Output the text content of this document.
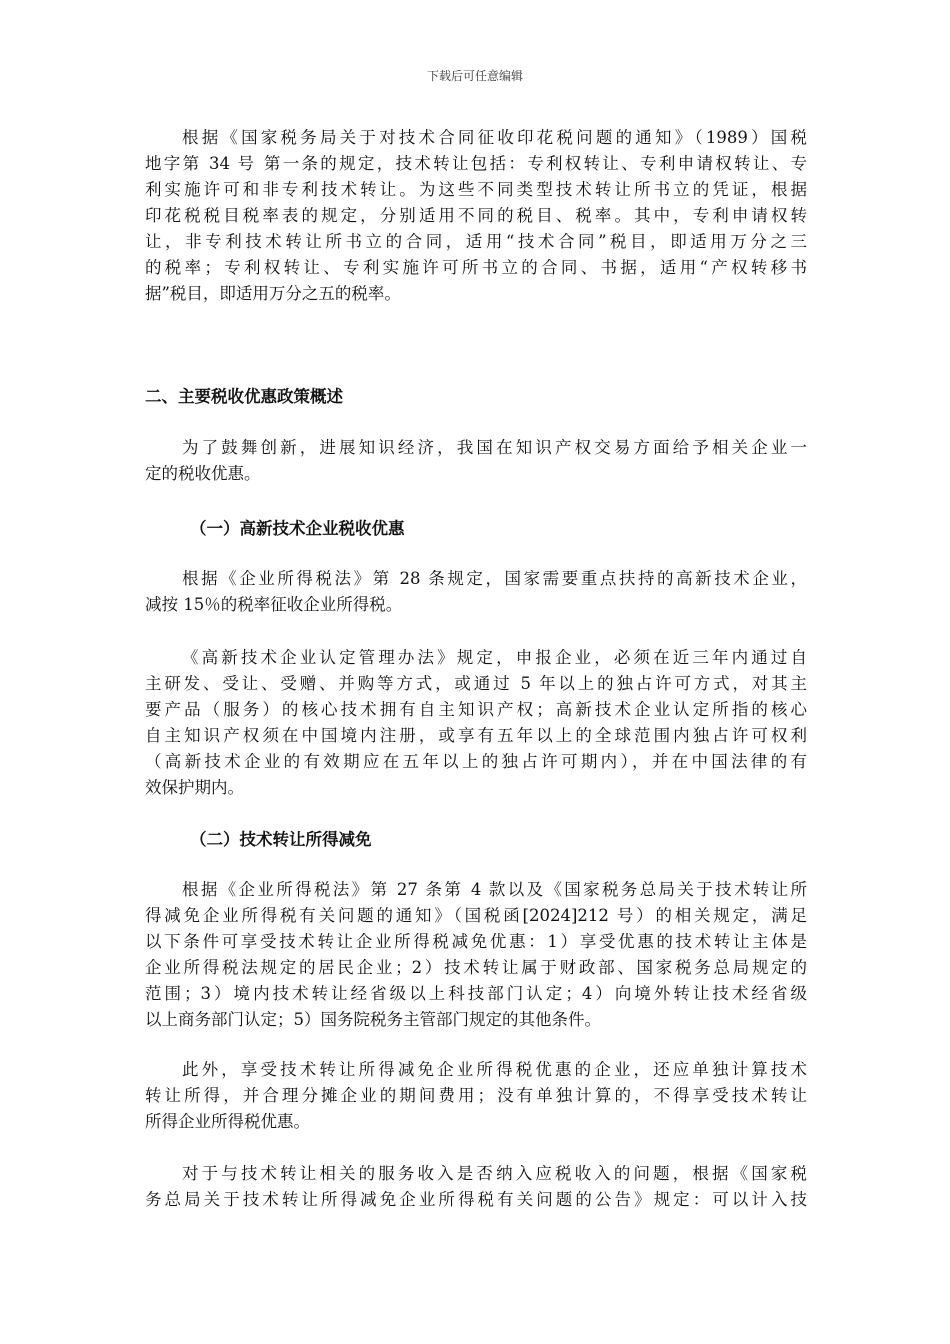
下载后可任意编辑
根据《国家税务局关于对技术合同征收印花税问题的通知》（1989）国税
地字第 34 号 第一条的规定，技术转让包括：专利权转让、专利申请权转让、专
利实施许可和非专利技术转让。为这些不同类型技术转让所书立的凭证，根据
印花税税目税率表的规定，分别适用不同的税目、税率。其中，专利申请权转
让，非专利技术转让所书立的合同，适用“技术合同”税目，即适用万分之三
的税率；专利权转让、专利实施许可所书立的合同、书据，适用“产权转移书
据”税目，即适用万分之五的税率。
二、主要税收优惠政策概述
为了鼓舞创新，进展知识经济，我国在知识产权交易方面给予相关企业一
定的税收优惠。
（一）高新技术企业税收优惠
根据《企业所得税法》第 28 条规定，国家需要重点扶持的高新技术企业，
减按 15％的税率征收企业所得税。
《高新技术企业认定管理办法》规定，申报企业，必须在近三年内通过自
主研发、受让、受赠、并购等方式，或通过 5 年以上的独占许可方式，对其主
要产品（服务）的核心技术拥有自主知识产权；高新技术企业认定所指的核心
自主知识产权须在中国境内注册，或享有五年以上的全球范围内独占许可权利
（高新技术企业的有效期应在五年以上的独占许可期内），并在中国法律的有
效保护期内。
（二）技术转让所得减免
根据《企业所得税法》第 27 条第 4 款以及《国家税务总局关于技术转让所
得减免企业所得税有关问题的通知》（国税函[2024]212 号）的相关规定，满足
以下条件可享受技术转让企业所得税减免优惠：1）享受优惠的技术转让主体是
企业所得税法规定的居民企业；2）技术转让属于财政部、国家税务总局规定的
范围；3）境内技术转让经省级以上科技部门认定；4）向境外转让技术经省级
以上商务部门认定；5）国务院税务主管部门规定的其他条件。
此外，享受技术转让所得减免企业所得税优惠的企业，还应单独计算技术
转让所得，并合理分摊企业的期间费用；没有单独计算的，不得享受技术转让
所得企业所得税优惠。
对于与技术转让相关的服务收入是否纳入应税收入的问题，根据《国家税
务总局关于技术转让所得减免企业所得税有关问题的公告》规定：可以计入技
